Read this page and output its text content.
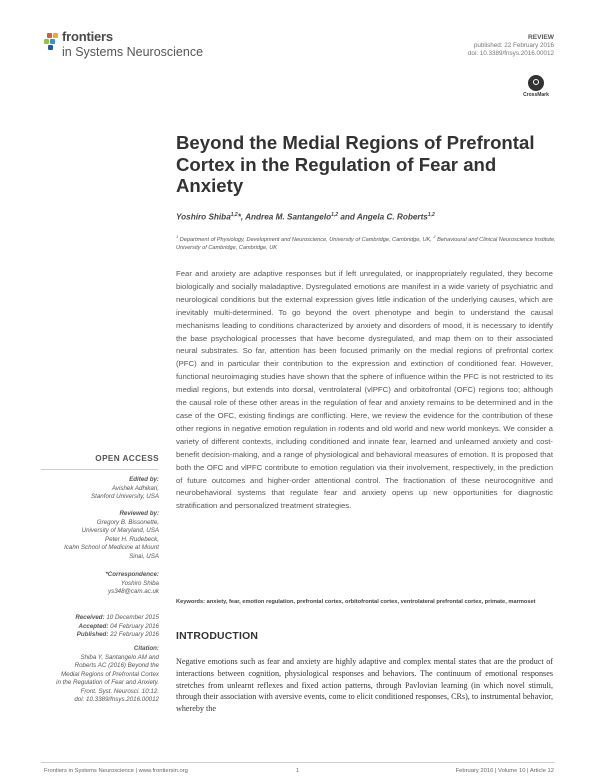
frontiers
in Systems Neuroscience
REVIEW
published: 22 February 2016
doi: 10.3389/fnsys.2016.00012
CrossMark
Beyond the Medial Regions of Prefrontal Cortex in the Regulation of Fear and Anxiety
Yoshiro Shiba$^{1,2}$*, Andrea M. Santangelo$^{1,2}$ and Angela C. Roberts$^{1,2}$
$^1$ Department of Physiology, Development and Neuroscience, University of Cambridge, Cambridge, UK, $^2$ Behavioural and Clinical Neuroscience Institute, University of Cambridge, Cambridge, UK
Fear and anxiety are adaptive responses but if left unregulated, or inappropriately regulated, they become biologically and socially maladaptive. Dysregulated emotions are manifest in a wide variety of psychiatric and neurological conditions but the external expression gives little indication of the underlying causes, which are inevitably multi-determined. To go beyond the overt phenotype and begin to understand the causal mechanisms leading to conditions characterized by anxiety and disorders of mood, it is necessary to identify the base psychological processes that have become dysregulated, and map them on to their associated neural substrates. So far, attention has been focused primarily on the medial regions of prefrontal cortex (PFC) and in particular their contribution to the expression and extinction of conditioned fear. However, functional neuroimaging studies have shown that the sphere of influence within the PFC is not restricted to its medial regions, but extends into dorsal, ventrolateral (vlPFC) and orbitofrontal (OFC) regions too; although the causal role of these other areas in the regulation of fear and anxiety remains to be determined and in the case of the OFC, existing findings are conflicting. Here, we review the evidence for the contribution of these other regions in negative emotion regulation in rodents and old world and new world monkeys. We consider a variety of different contexts, including conditioned and innate fear, learned and unlearned anxiety and cost-benefit decision-making, and a range of physiological and behavioral measures of emotion. It is proposed that both the OFC and vlPFC contribute to emotion regulation via their involvement, respectively, in the prediction of future outcomes and higher-order attentional control. The fractionation of these neurocognitive and neurobehavioral systems that regulate fear and anxiety opens up new opportunities for diagnostic stratification and personalized treatment strategies.
Keywords: anxiety, fear, emotion regulation, prefrontal cortex, orbitofrontal cortex, ventrolateral prefrontal cortex, primate, marmoset
INTRODUCTION
Negative emotions such as fear and anxiety are highly adaptive and complex mental states that are the product of interactions between cognition, physiological responses and behaviors. The continuum of emotional responses stretches from unlearnt reflexes and fixed action patterns, through Pavlovian learning (in which novel stimuli, through their association with aversive events, come to elicit conditioned responses, CRs), to instrumental behavior, whereby the
OPEN ACCESS
Edited by:
Avishek Adhikari,
Stanford University, USA
Reviewed by:
Gregory B. Bissonette,
University of Maryland, USA
Peter H. Rudebeck,
Icahn School of Medicine at Mount
Sinai, USA
*Correspondence:
Yoshiro Shiba
ys348@cam.ac.uk
Received: 10 December 2015
Accepted: 04 February 2016
Published: 22 February 2016
Citation:
Shiba Y, Santangelo AM and
Roberts AC (2016) Beyond the
Medial Regions of Prefrontal Cortex
in the Regulation of Fear and Anxiety.
Front. Syst. Neurosci. 10:12.
doi: 10.3389/fnsys.2016.00012
Frontiers in Systems Neuroscience | www.frontiersin.org	1	February 2016 | Volume 10 | Article 12
